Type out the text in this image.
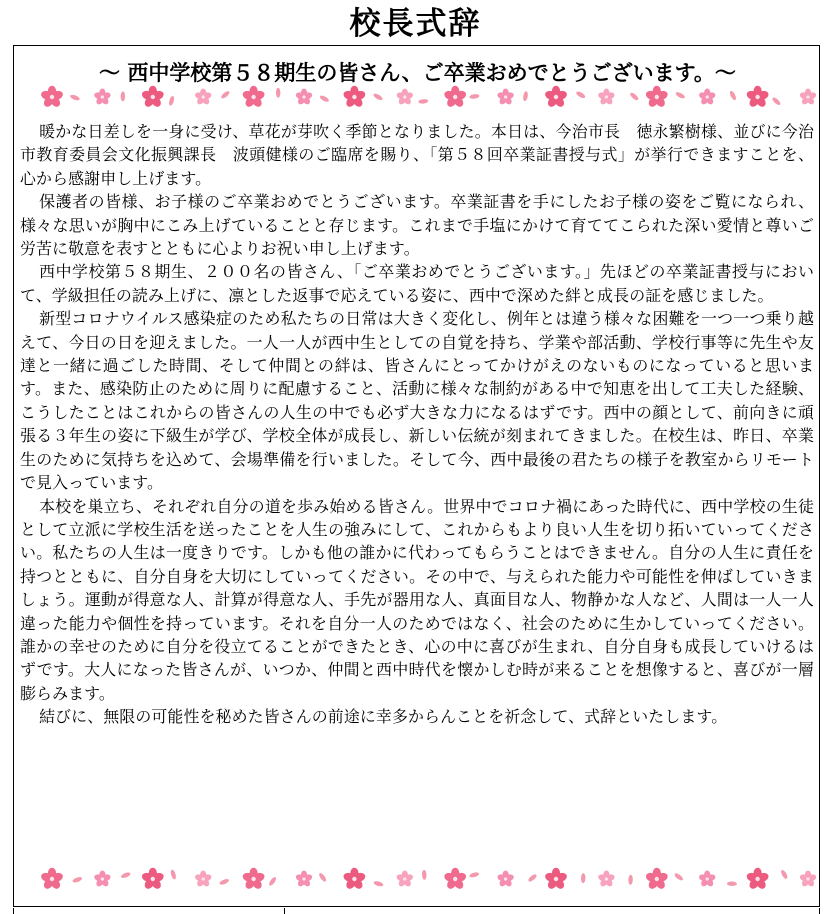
校長式辞
～ 西中学校第５８期生の皆さん、ご卒業おめでとうございます。～

暖かな日差しを一身に受け、草花が芽吹く季節となりました。本日は、今治市長　徳永繁樹様、並びに今治市教育委員会文化振興課長　波頭健様のご臨席を賜り、「第５８回卒業証書授与式」が挙行できますことを、心から感謝申し上げます。

保護者の皆様、お子様のご卒業おめでとうございます。卒業証書を手にしたお子様の姿をご覧になられ、様々な思いが胸中にこみ上げていることと存じます。これまで手塩にかけて育ててこられた深い愛情と尊いご労苦に敬意を表すとともに心よりお祝い申し上げます。

西中学校第５８期生、２００名の皆さん、「ご卒業おめでとうございます。」先ほどの卒業証書授与において、学級担任の読み上げに、凛とした返事で応えている姿に、西中で深めた絆と成長の証を感じました。

新型コロナウイルス感染症のため私たちの日常は大きく変化し、例年とは違う様々な困難を一つ一つ乗り越えて、今日の日を迎えました。一人一人が西中生としての自覚を持ち、学業や部活動、学校行事等に先生や友達と一緒に過ごした時間、そして仲間との絆は、皆さんにとってかけがえのないものになっていると思います。また、感染防止のために周りに配慮すること、活動に様々な制約がある中で知恵を出して工夫した経験、こうしたことはこれからの皆さんの人生の中でも必ず大きな力になるはずです。西中の顔として、前向きに頑張る３年生の姿に下級生が学び、学校全体が成長し、新しい伝統が刻まれてきました。在校生は、昨日、卒業生のために気持ちを込めて、会場準備を行いました。そして今、西中最後の君たちの様子を教室からリモートで見入っています。

本校を巣立ち、それぞれ自分の道を歩み始める皆さん。世界中でコロナ禍にあった時代に、西中学校の生徒として立派に学校生活を送ったことを人生の強みにして、これからもより良い人生を切り拓いていってください。私たちの人生は一度きりです。しかも他の誰かに代わってもらうことはできません。自分の人生に責任を持つとともに、自分自身を大切にしていってください。その中で、与えられた能力や可能性を伸ばしていきましょう。運動が得意な人、計算が得意な人、手先が器用な人、真面目な人、物静かな人など、人間は一人一人違った能力や個性を持っています。それを自分一人のためではなく、社会のために生かしていってください。誰かの幸せのために自分を役立てることができたとき、心の中に喜びが生まれ、自分自身も成長していけるはずです。大人になった皆さんが、いつか、仲間と西中時代を懐かしむ時が来ることを想像すると、喜びが一層膨らみます。

結びに、無限の可能性を秘めた皆さんの前途に幸多からんことを祈念して、式辞といたします。
